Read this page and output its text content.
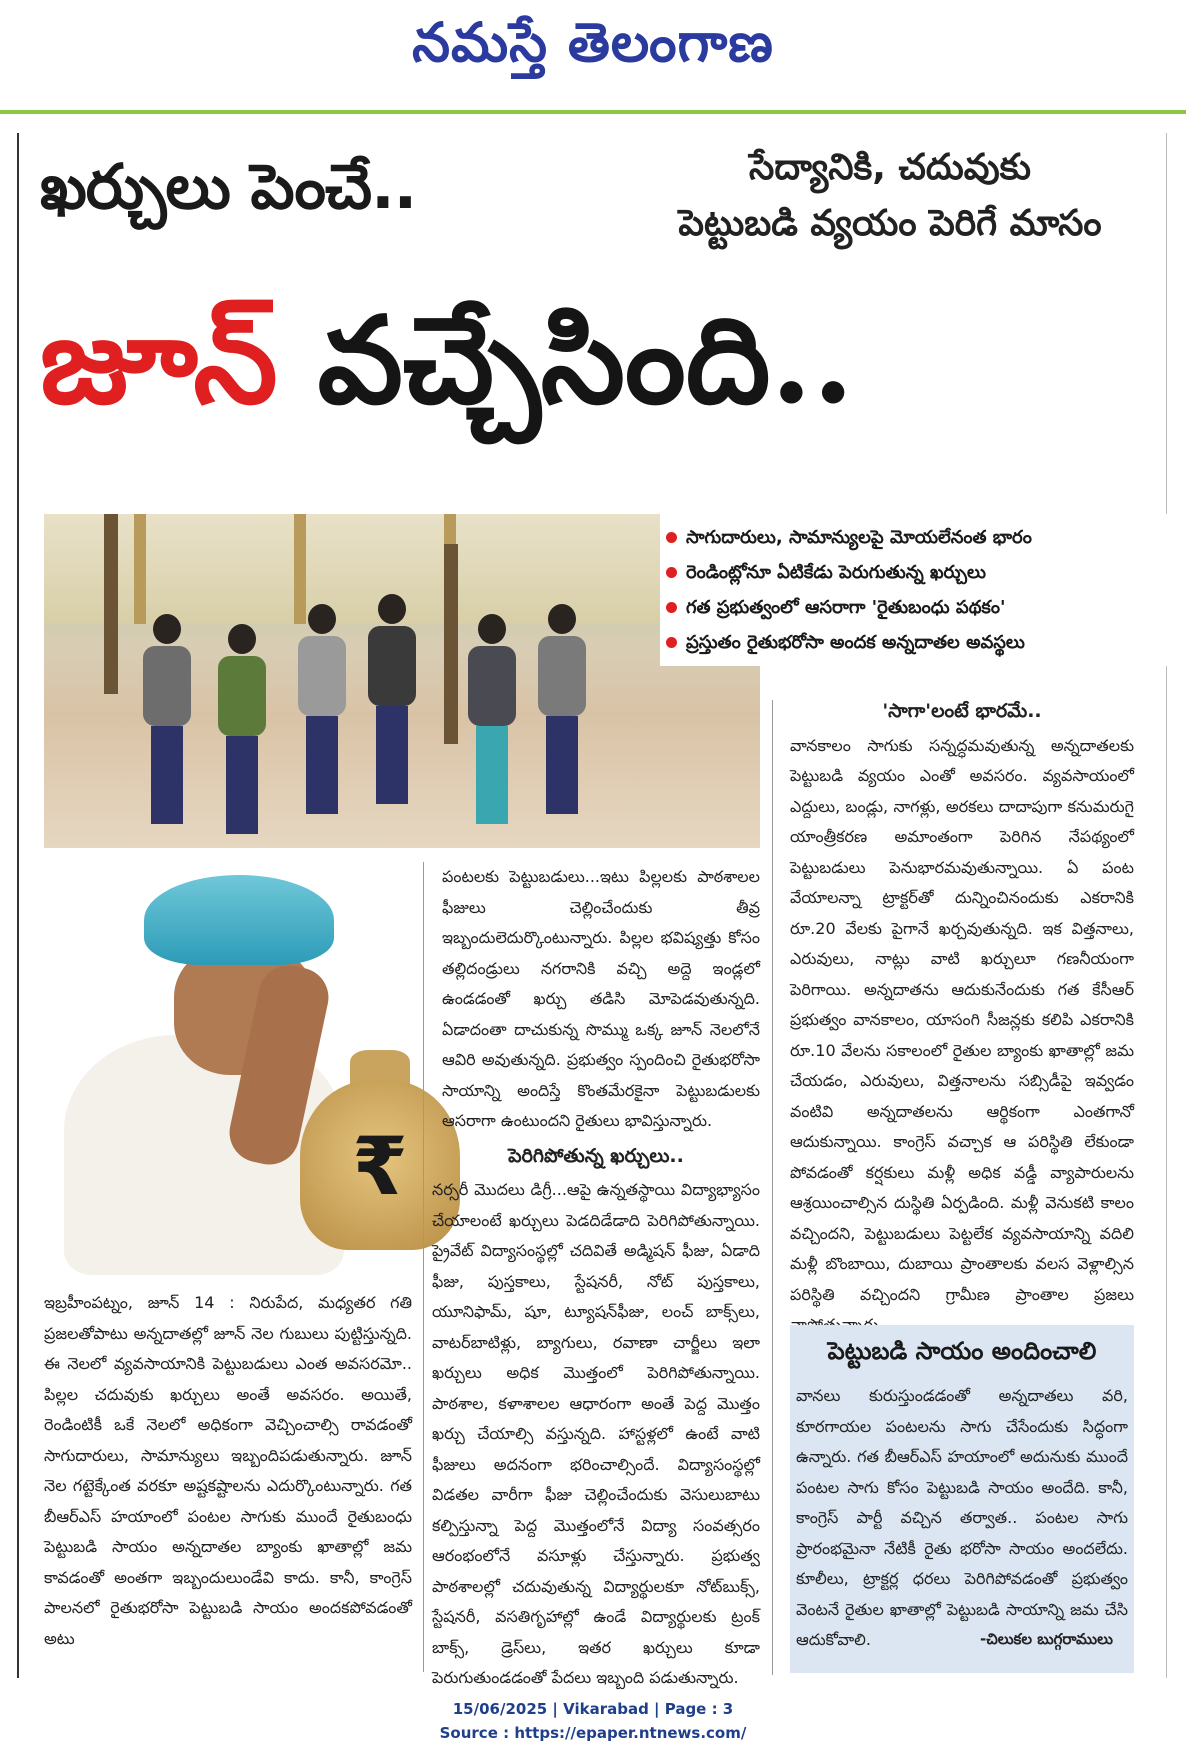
నమస్తే తెలంగాణ
ఖర్చులు పెంచే..	సేద్యానికి, చదువుకు
పెట్టుబడి వ్యయం పెరిగే మాసం
జూన్ వచ్చేసింది..
సాగుదారులు, సామాన్యులపై మోయలేనంత భారం
రెండింట్లోనూ ఏటికేడు పెరుగుతున్న ఖర్చులు
గత ప్రభుత్వంలో ఆసరాగా 'రైతుబంధు పథకం'
ప్రస్తుతం రైతుభరోసా అందక అన్నదాతల అవస్థలు
₹

ఇబ్రహీంపట్నం, జూన్ 14 : నిరుపేద, మధ్యతర గతి ప్రజలతోపాటు అన్నదాతల్లో జూన్ నెల గుబులు పుట్టిస్తున్నది. ఈ నెలలో వ్యవసాయానికి పెట్టుబడులు ఎంత అవసరమో.. పిల్లల చదువుకు ఖర్చులు అంతే అవసరం. అయితే, రెండింటికీ ఒకే నెలలో అధికంగా వెచ్చించాల్సి రావడంతో సాగుదారులు, సామాన్యులు ఇబ్బందిపడుతున్నారు. జూన్ నెల గట్టెక్కేంత వరకూ అష్టకష్టాలను ఎదుర్కొంటున్నారు. గత బీఆర్ఎస్ హయాంలో పంటల సాగుకు ముందే రైతుబంధు పెట్టుబడి సాయం అన్నదాతల బ్యాంకు ఖాతాల్లో జమ కావడంతో అంతగా ఇబ్బందులుండేవి కాదు. కానీ, కాంగ్రెస్ పాలనలో రైతుభరోసా పెట్టుబడి సాయం అందకపోవడంతో అటు

పంటలకు పెట్టుబడులు...ఇటు పిల్లలకు పాఠశాలల ఫీజులు చెల్లించేందుకు తీవ్ర ఇబ్బందులెదుర్కొంటున్నారు. పిల్లల భవిష్యత్తు కోసం తల్లిదండ్రులు నగరానికి వచ్చి అద్దె ఇండ్లలో ఉండడంతో ఖర్చు తడిసి మోపెడవుతున్నది. ఏడాదంతా దాచుకున్న సొమ్ము ఒక్క జూన్ నెలలోనే ఆవిరి అవుతున్నది. ప్రభుత్వం స్పందించి రైతుభరోసా సాయాన్ని అందిస్తే కొంతమేరకైనా పెట్టుబడులకు ఆసరాగా ఉంటుందని రైతులు భావిస్తున్నారు.

పెరిగిపోతున్న ఖర్చులు..

నర్సరీ మొదలు డిగ్రీ...ఆపై ఉన్నతస్థాయి విద్యాభ్యాసం చేయాలంటే ఖర్చులు పెడదిడేడాది పెరిగిపోతున్నాయి. ప్రైవేట్ విద్యాసంస్థల్లో చదివితే అడ్మిషన్ ఫీజు, ఏడాది ఫీజు, పుస్తకాలు, స్టేషనరీ, నోట్ పుస్తకాలు, యూనిఫామ్, షూ, ట్యూషన్‌ఫీజు, లంచ్ బాక్స్‌లు, వాటర్‌బాటిళ్లు, బ్యాగులు, రవాణా చార్జీలు ఇలా ఖర్చులు అధిక మొత్తంలో పెరిగిపోతున్నాయి. పాఠశాల, కళాశాలల ఆధారంగా అంతే పెద్ద మొత్తం ఖర్చు చేయాల్సి వస్తున్నది. హాస్టళ్లలో ఉంటే వాటి ఫీజులు అదనంగా భరించాల్సిందే. విద్యాసంస్థల్లో విడతల వారీగా ఫీజు చెల్లించేందుకు వెసులుబాటు కల్పిస్తున్నా పెద్ద మొత్తంలోనే విద్యా సంవత్సరం ఆరంభంలోనే వసూళ్లు చేస్తున్నారు. ప్రభుత్వ పాఠశాలల్లో చదువుతున్న విద్యార్థులకూ నోట్‌బుక్స్, స్టేషనరీ, వసతిగృహాల్లో ఉండే విద్యార్థులకు ట్రంక్ బాక్స్, డ్రెస్‌లు, ఇతర ఖర్చులు కూడా పెరుగుతుండడంతో పేదలు ఇబ్బంది పడుతున్నారు.

'సాగా'లంటే భారమే..

వానకాలం సాగుకు సన్నద్ధమవుతున్న అన్నదాతలకు పెట్టుబడి వ్యయం ఎంతో అవసరం. వ్యవసాయంలో ఎద్దులు, బండ్లు, నాగళ్లు, అరకలు దాదాపుగా కనుమరుగై యాంత్రీకరణ అమాంతంగా పెరిగిన నేపథ్యంలో పెట్టుబడులు పెనుభారమవుతున్నాయి. ఏ పంట వేయాలన్నా ట్రాక్టర్‌తో దున్నించినందుకు ఎకరానికి రూ.20 వేలకు పైగానే ఖర్చవుతున్నది. ఇక విత్తనాలు, ఎరువులు, నాట్లు వాటి ఖర్చులూ గణనీయంగా పెరిగాయి. అన్నదాతను ఆదుకునేందుకు గత కేసీఆర్ ప్రభుత్వం వానకాలం, యాసంగి సీజన్లకు కలిపి ఎకరానికి రూ.10 వేలను సకాలంలో రైతుల బ్యాంకు ఖాతాల్లో జమ చేయడం, ఎరువులు, విత్తనాలను సబ్సిడీపై ఇవ్వడం వంటివి అన్నదాతలను ఆర్థికంగా ఎంతగానో ఆదుకున్నాయి. కాంగ్రెస్ వచ్చాక ఆ పరిస్థితి లేకుండా పోవడంతో కర్షకులు మళ్లీ అధిక వడ్డీ వ్యాపారులను ఆశ్రయించాల్సిన దుస్థితి ఏర్పడింది. మళ్లీ వెనుకటి కాలం వచ్చిందని, పెట్టుబడులు పెట్టలేక వ్యవసాయాన్ని వదిలి మళ్లీ బొంబాయి, దుబాయి ప్రాంతాలకు వలస వెళ్లాల్సిన పరిస్థితి వచ్చిందని గ్రామీణ ప్రాంతాల ప్రజలు

పెట్టుబడి సాయం అందించాలి

వానలు కురుస్తుండడంతో అన్నదాతలు వరి, కూరగాయల పంటలను సాగు చేసేందుకు సిద్ధంగా ఉన్నారు. గత బీఆర్ఎస్ హయాంలో అదునుకు ముందే పంటల సాగు కోసం పెట్టుబడి సాయం అందేది. కానీ, కాంగ్రెస్ పార్టీ వచ్చిన తర్వాత.. పంటల సాగు ప్రారంభమైనా నేటికీ రైతు భరోసా సాయం అందలేదు. కూలీలు, ట్రాక్టర్ల ధరలు పెరిగిపోవడంతో ప్రభుత్వం వెంటనే రైతుల ఖాతాల్లో పెట్టుబడి సాయాన్ని జమ చేసి ఆదుకోవాలి.	-చిలుకల బుగ్గరాములు
15/06/2025 | Vikarabad | Page : 3
Source : https://epaper.ntnews.com/
